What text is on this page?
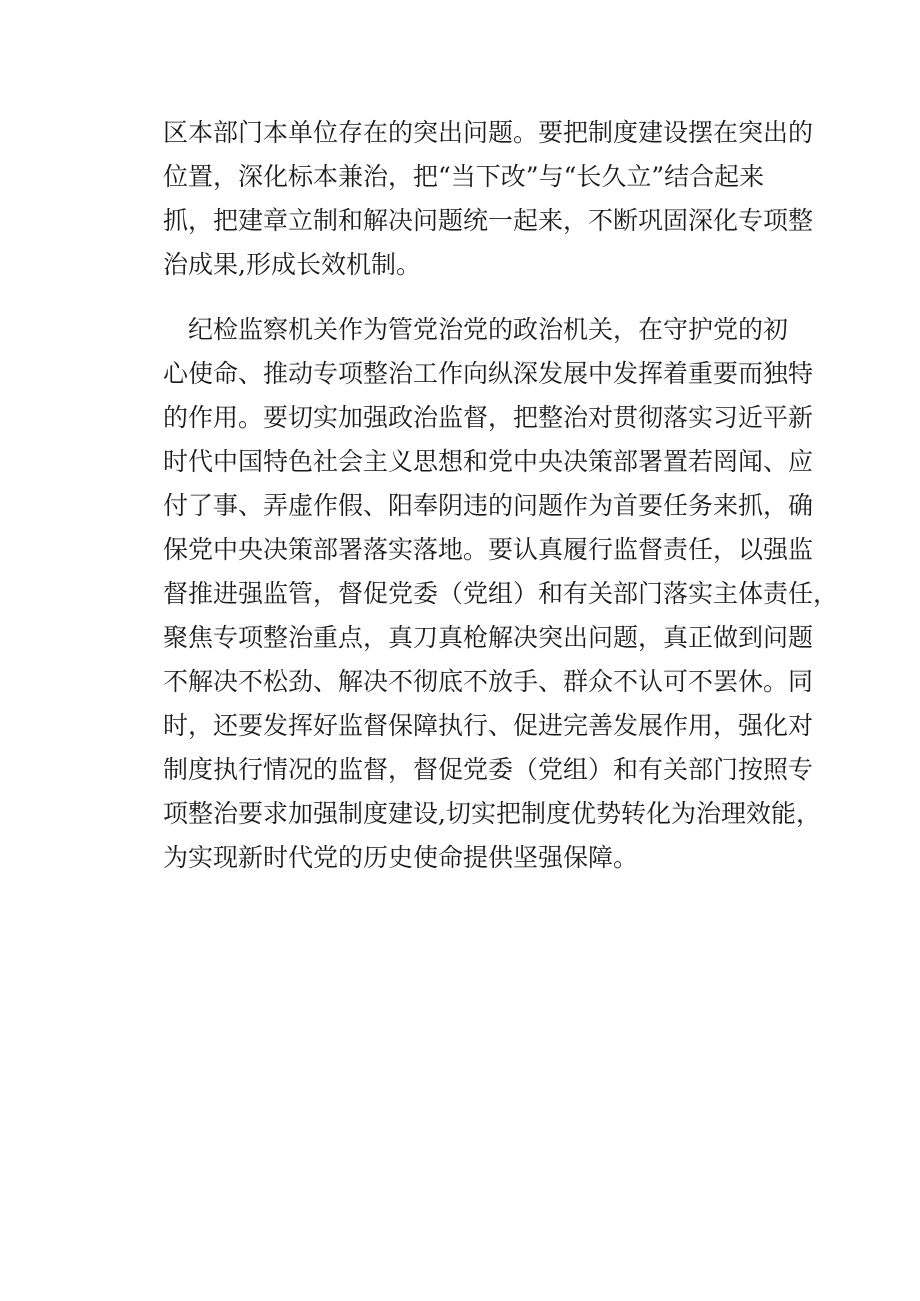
区本部门本单位存在的突出问题。要把制度建设摆在突出的
位置，深化标本兼治，把“当下改”与“长久立”结合起来
抓，把建章立制和解决问题统一起来，不断巩固深化专项整
治成果,形成长效机制。
纪检监察机关作为管党治党的政治机关，在守护党的初
心使命、推动专项整治工作向纵深发展中发挥着重要而独特
的作用。要切实加强政治监督，把整治对贯彻落实习近平新
时代中国特色社会主义思想和党中央决策部署置若罔闻、应
付了事、弄虚作假、阳奉阴违的问题作为首要任务来抓，确
保党中央决策部署落实落地。要认真履行监督责任，以强监
督推进强监管，督促党委（党组）和有关部门落实主体责任，
聚焦专项整治重点，真刀真枪解决突出问题，真正做到问题
不解决不松劲、解决不彻底不放手、群众不认可不罢休。同
时，还要发挥好监督保障执行、促进完善发展作用，强化对
制度执行情况的监督，督促党委（党组）和有关部门按照专
项整治要求加强制度建设,切实把制度优势转化为治理效能，
为实现新时代党的历史使命提供坚强保障。
